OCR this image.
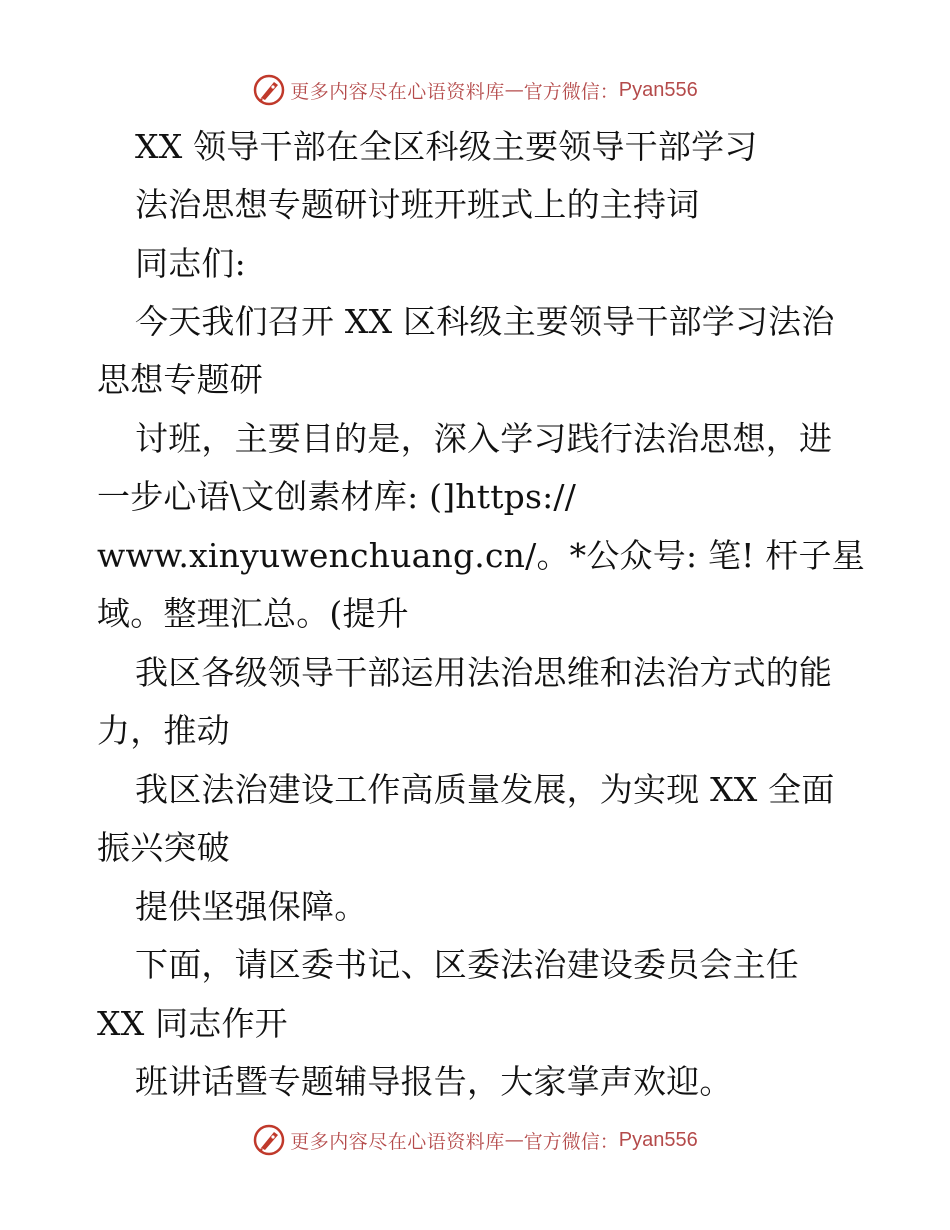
更多内容尽在心语资料库 — 官方微信： Pyan556
XX 领导干部在全区科级主要领导干部学习
法治思想专题研讨班开班式上的主持词
同志们:
今天我们召开 XX 区科级主要领导干部学习法治
思想专题研
讨班，主要目的是，深入学习践行法治思想，进
一步心语\文创素材库: (]https://
www.xinyuwenchuang.cn/。*公众号: 笔! 杆子星
域。整理汇总。(提升
我区各级领导干部运用法治思维和法治方式的能
力，推动
我区法治建设工作高质量发展，为实现 XX 全面
振兴突破
提供坚强保障。
下面，请区委书记、区委法治建设委员会主任
XX 同志作开
班讲话暨专题辅导报告，大家掌声欢迎。
更多内容尽在心语资料库 — 官方微信： Pyan556
